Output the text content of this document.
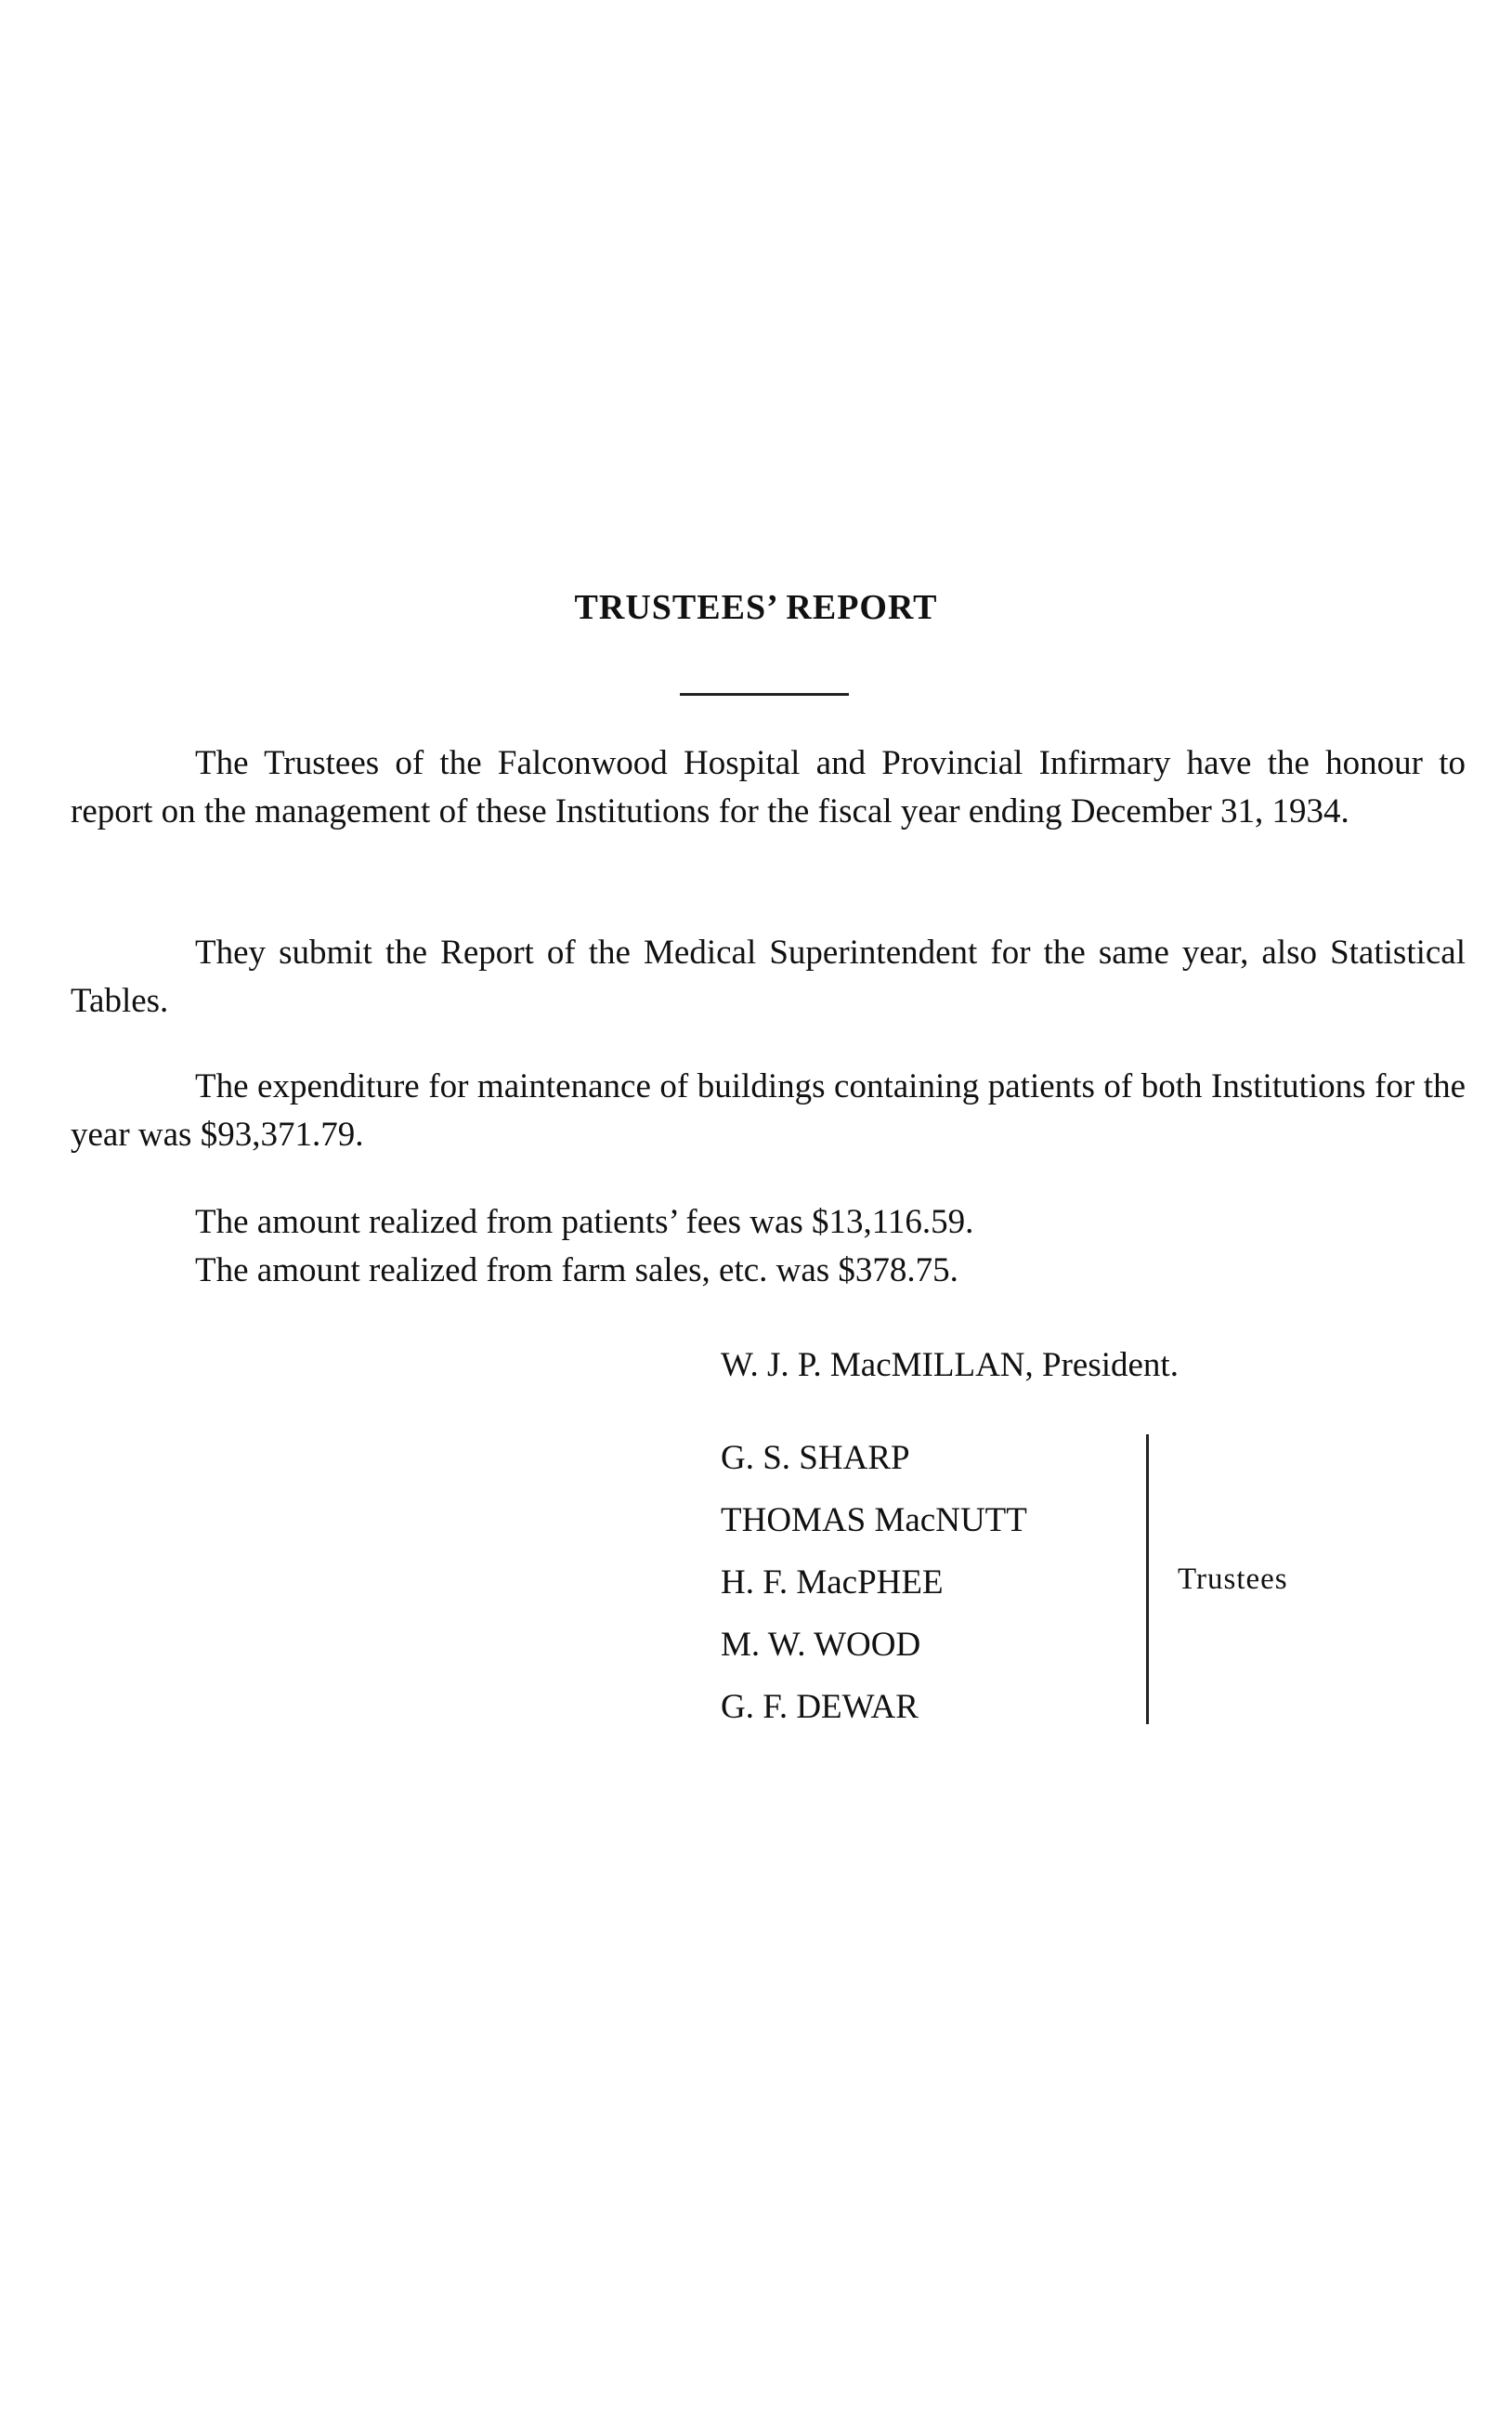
TRUSTEES’ REPORT

The Trustees of the Falconwood Hospital and Provincial Infirmary have the honour to report on the management of these Institutions for the fiscal year ending December 31, 1934.

They submit the Report of the Medical Superintendent for the same year, also Statistical Tables.

The expenditure for maintenance of buildings containing patients of both Institutions for the year was $93,371.79.

The amount realized from patients’ fees was $13,116.59.
The amount realized from farm sales, etc. was $378.75.
W. J. P. MacMILLAN, President.
G. S. SHARP
THOMAS MacNUTT
H. F. MacPHEE
M. W. WOOD
G. F. DEWAR
Trustees
